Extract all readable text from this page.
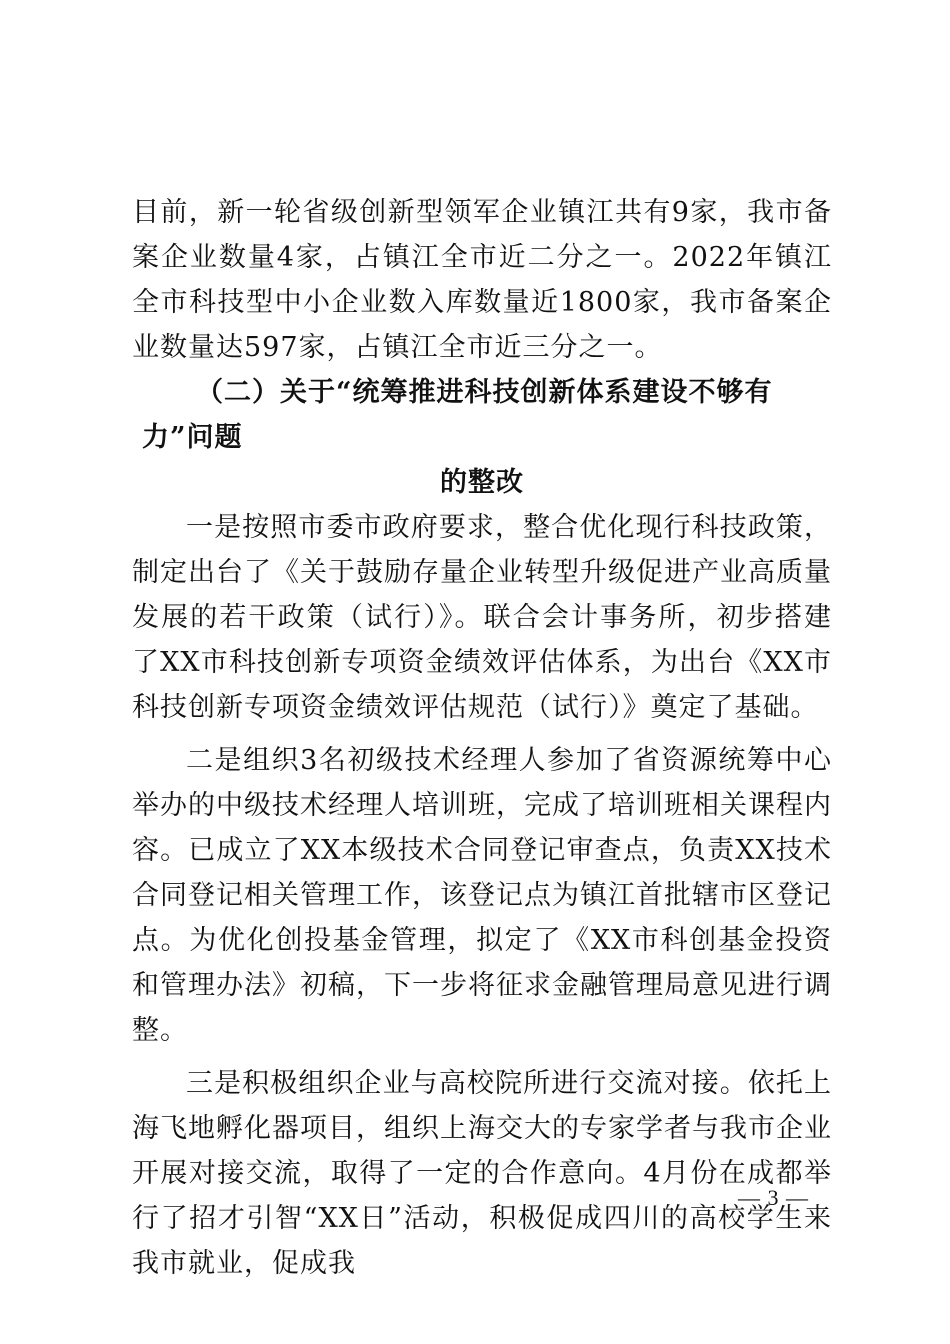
目前，新一轮省级创新型领军企业镇江共有9家，我市备案企业数量4家，占镇江全市近二分之一。2022年镇江全市科技型中小企业数入库数量近1800家，我市备案企业数量达597家，占镇江全市近三分之一。

（二）关于“统筹推进科技创新体系建设不够有力”问题
的整改

一是按照市委市政府要求，整合优化现行科技政策，制定出台了《关于鼓励存量企业转型升级促进产业高质量发展的若干政策（试行）》。联合会计事务所，初步搭建了XX市科技创新专项资金绩效评估体系，为出台《XX市科技创新专项资金绩效评估规范（试行）》奠定了基础。

二是组织3名初级技术经理人参加了省资源统筹中心举办的中级技术经理人培训班，完成了培训班相关课程内容。已成立了XX本级技术合同登记审查点，负责XX技术合同登记相关管理工作，该登记点为镇江首批辖市区登记点。为优化创投基金管理，拟定了《XX市科创基金投资和管理办法》初稿，下一步将征求金融管理局意见进行调整。

三是积极组织企业与高校院所进行交流对接。依托上海飞地孵化器项目，组织上海交大的专家学者与我市企业开展对接交流，取得了一定的合作意向。4月份在成都举行了招才引智“XX日”活动，积极促成四川的高校学生来我市就业，促成我

— 3 —
